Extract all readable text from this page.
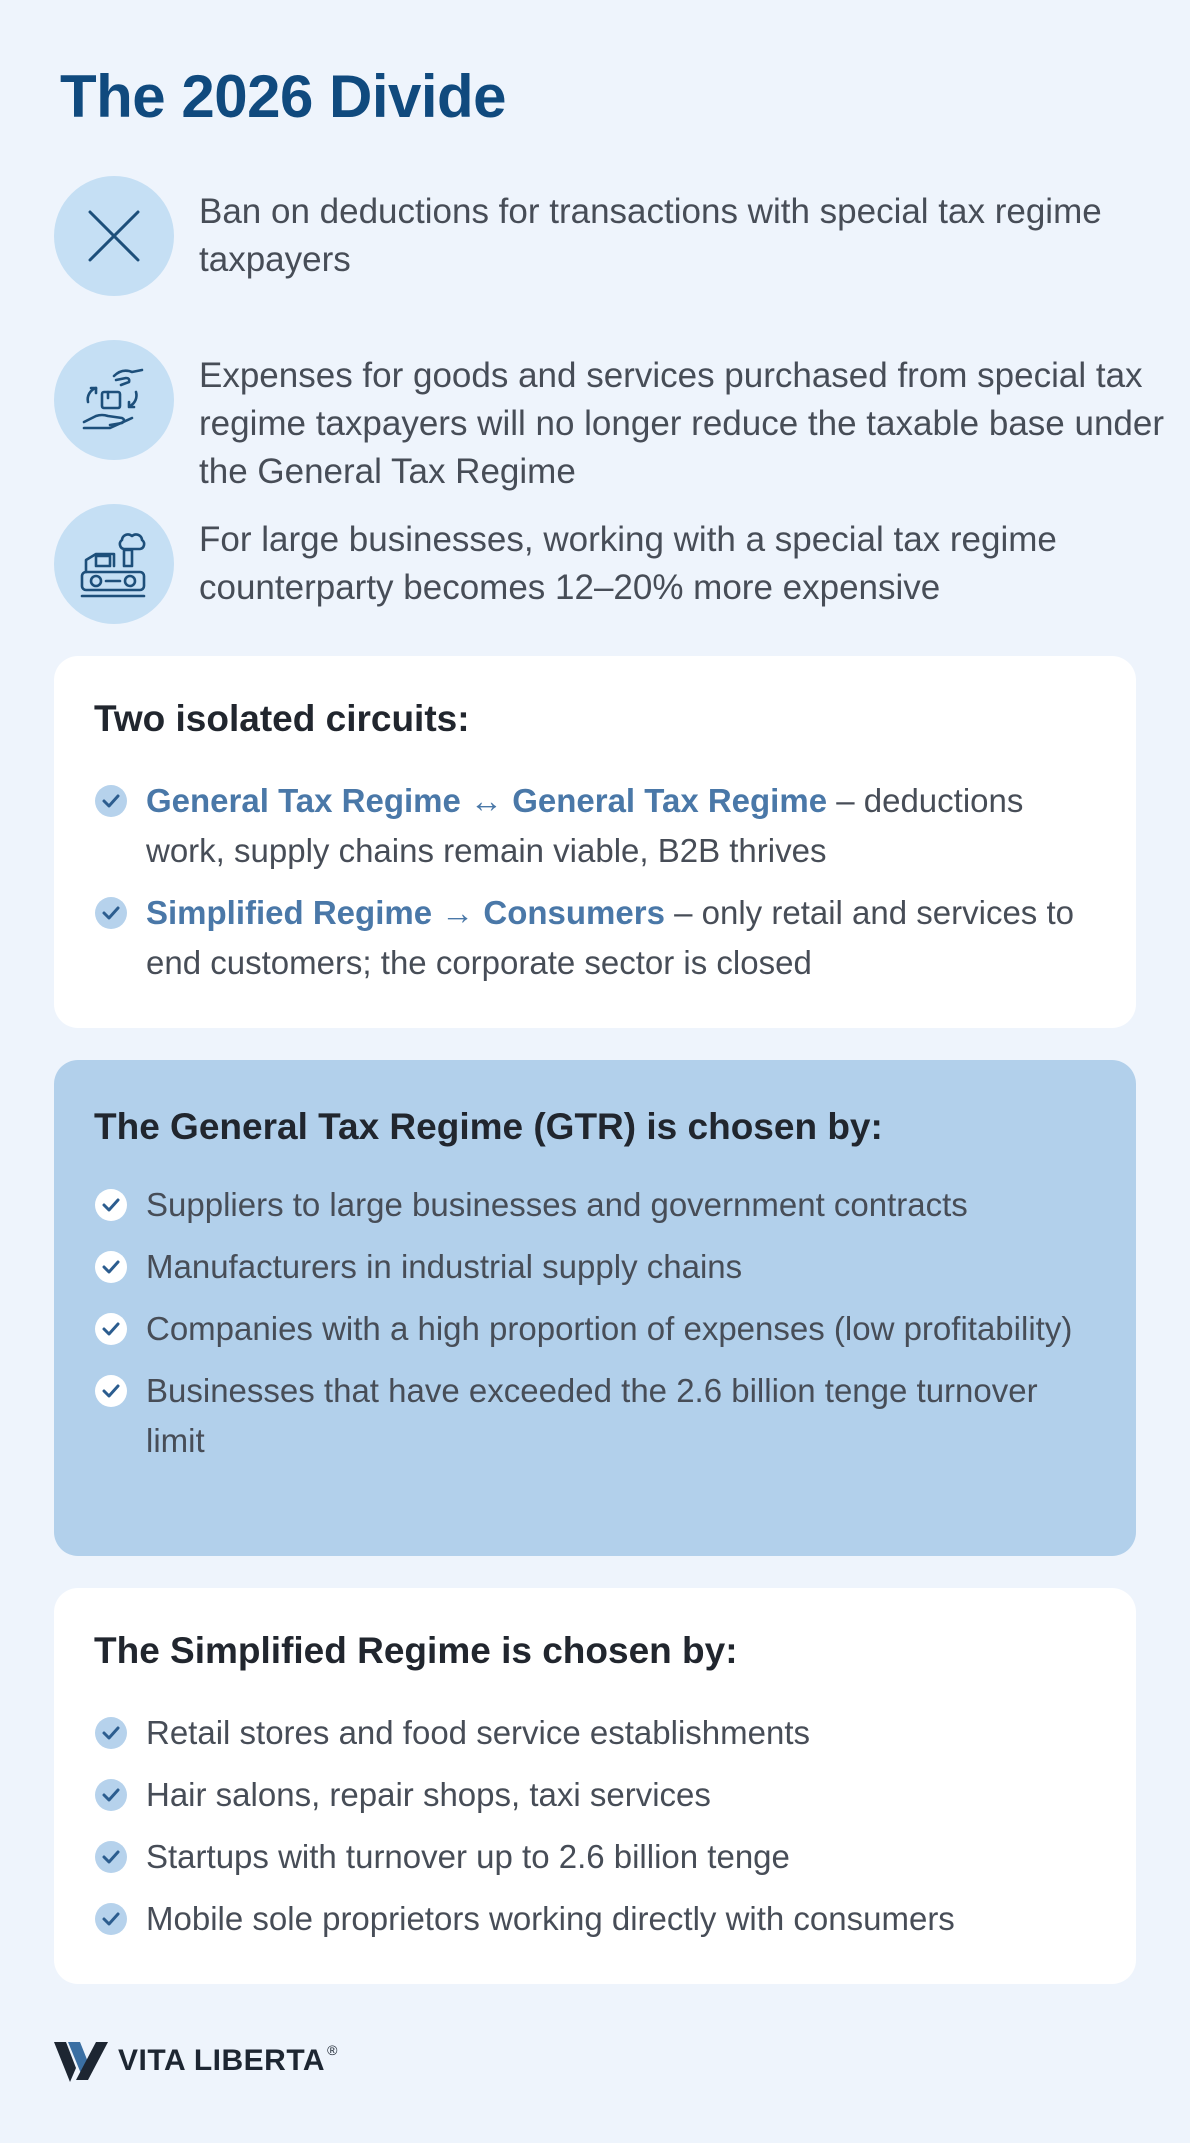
The 2026 Divide
Ban on deductions for transactions with special tax regime taxpayers
Expenses for goods and services purchased from special tax regime taxpayers will no longer reduce the taxable base under the General Tax Regime
For large businesses, working with a special tax regime counterparty becomes 12–20% more expensive
Two isolated circuits:
General Tax Regime ↔ General Tax Regime – deductions work, supply chains remain viable, B2B thrives
Simplified Regime → Consumers – only retail and services to end customers; the corporate sector is closed
The General Tax Regime (GTR) is chosen by:
Suppliers to large businesses and government contracts
Manufacturers in industrial supply chains
Companies with a high proportion of expenses (low profitability)
Businesses that have exceeded the 2.6 billion tenge turnover limit
The Simplified Regime is chosen by:
Retail stores and food service establishments
Hair salons, repair shops, taxi services
Startups with turnover up to 2.6 billion tenge
Mobile sole proprietors working directly with consumers
VITA LIBERTA ®
